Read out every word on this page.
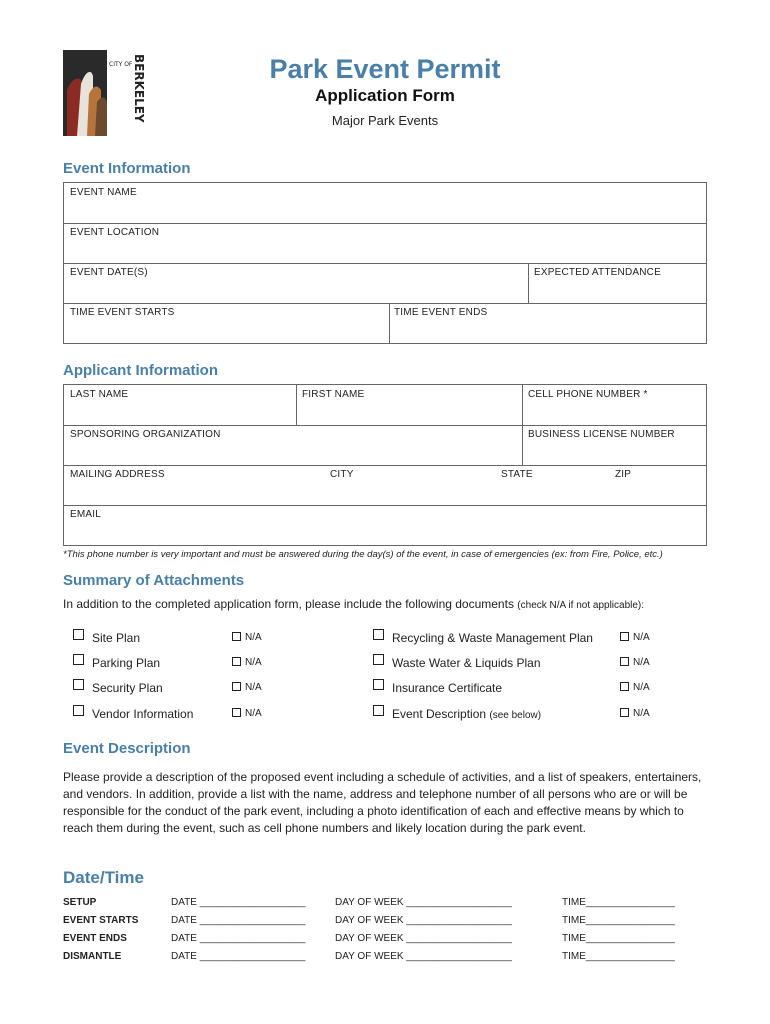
CITY OF BERKELEY	Park Event Permit
Application Form
Major Park Events
Event Information
EVENT NAME
EVENT LOCATION
EVENT DATE(S)	EXPECTED ATTENDANCE
TIME EVENT STARTS	TIME EVENT ENDS
Applicant Information
LAST NAME	FIRST NAME	CELL PHONE NUMBER *
SPONSORING ORGANIZATION	BUSINESS LICENSE NUMBER
MAILING ADDRESS	CITY	STATE	ZIP
EMAIL
*This phone number is very important and must be answered during the day(s) of the event, in case of emergencies (ex: from Fire, Police, etc.)
Summary of Attachments
In addition to the completed application form, please include the following documents (check N/A if not applicable):
Site Plan	N/A
Parking Plan	N/A
Security Plan	N/A
Vendor Information	N/A
Recycling & Waste Management Plan	N/A
Waste Water & Liquids Plan	N/A
Insurance Certificate	N/A
Event Description (see below)	N/A
Event Description
Please provide a description of the proposed event including a schedule of activities, and a list of speakers, entertainers, and vendors. In addition, provide a list with the name, address and telephone number of all persons who are or will be responsible for the conduct of the park event, including a photo identification of each and effective means by which to reach them during the event, such as cell phone numbers and likely location during the park event.
Date/Time
SETUP	DATE ___________________	DAY OF WEEK ___________________	TIME________________
EVENT STARTS	DATE ___________________	DAY OF WEEK ___________________	TIME________________
EVENT ENDS	DATE ___________________	DAY OF WEEK ___________________	TIME________________
DISMANTLE	DATE ___________________	DAY OF WEEK ___________________	TIME________________
